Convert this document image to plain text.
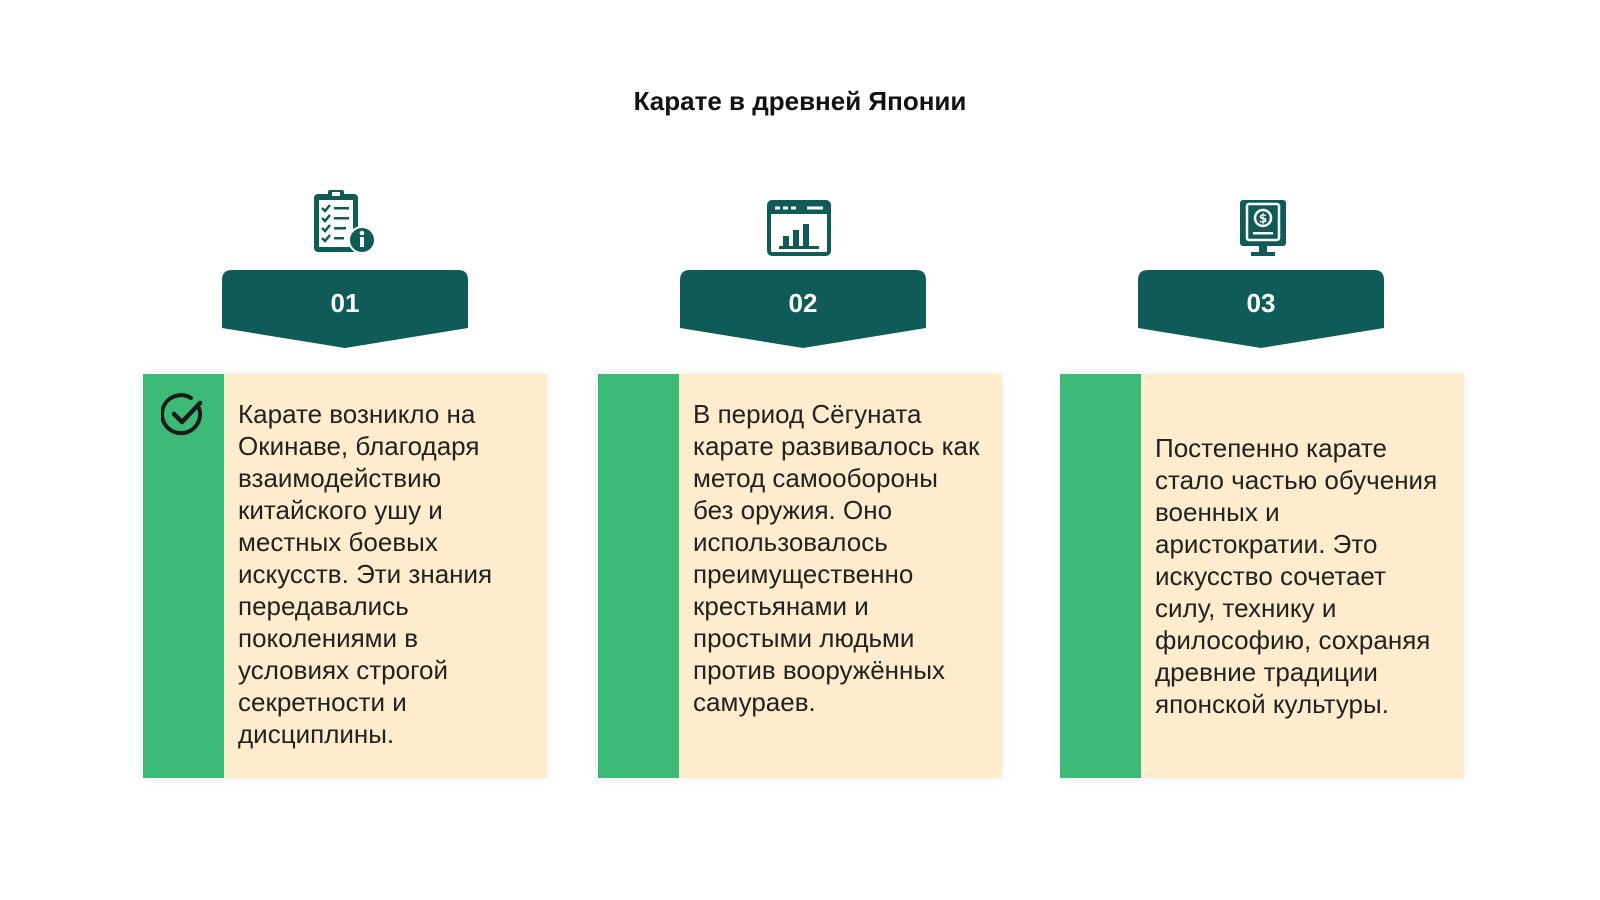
Карате в древней Японии
01
Карате возникло на Окинаве, благодаря взаимодействию китайского ушу и местных боевых искусств. Эти знания передавались поколениями в условиях строгой секретности и дисциплины.
02
В период Сёгуната карате развивалось как метод самообороны без оружия. Оно использовалось преимущественно крестьянами и простыми людьми против вооружённых самураев.
$
03
Постепенно карате стало частью обучения военных и аристократии. Это искусство сочетает силу, технику и философию, сохраняя древние традиции японской культуры.
